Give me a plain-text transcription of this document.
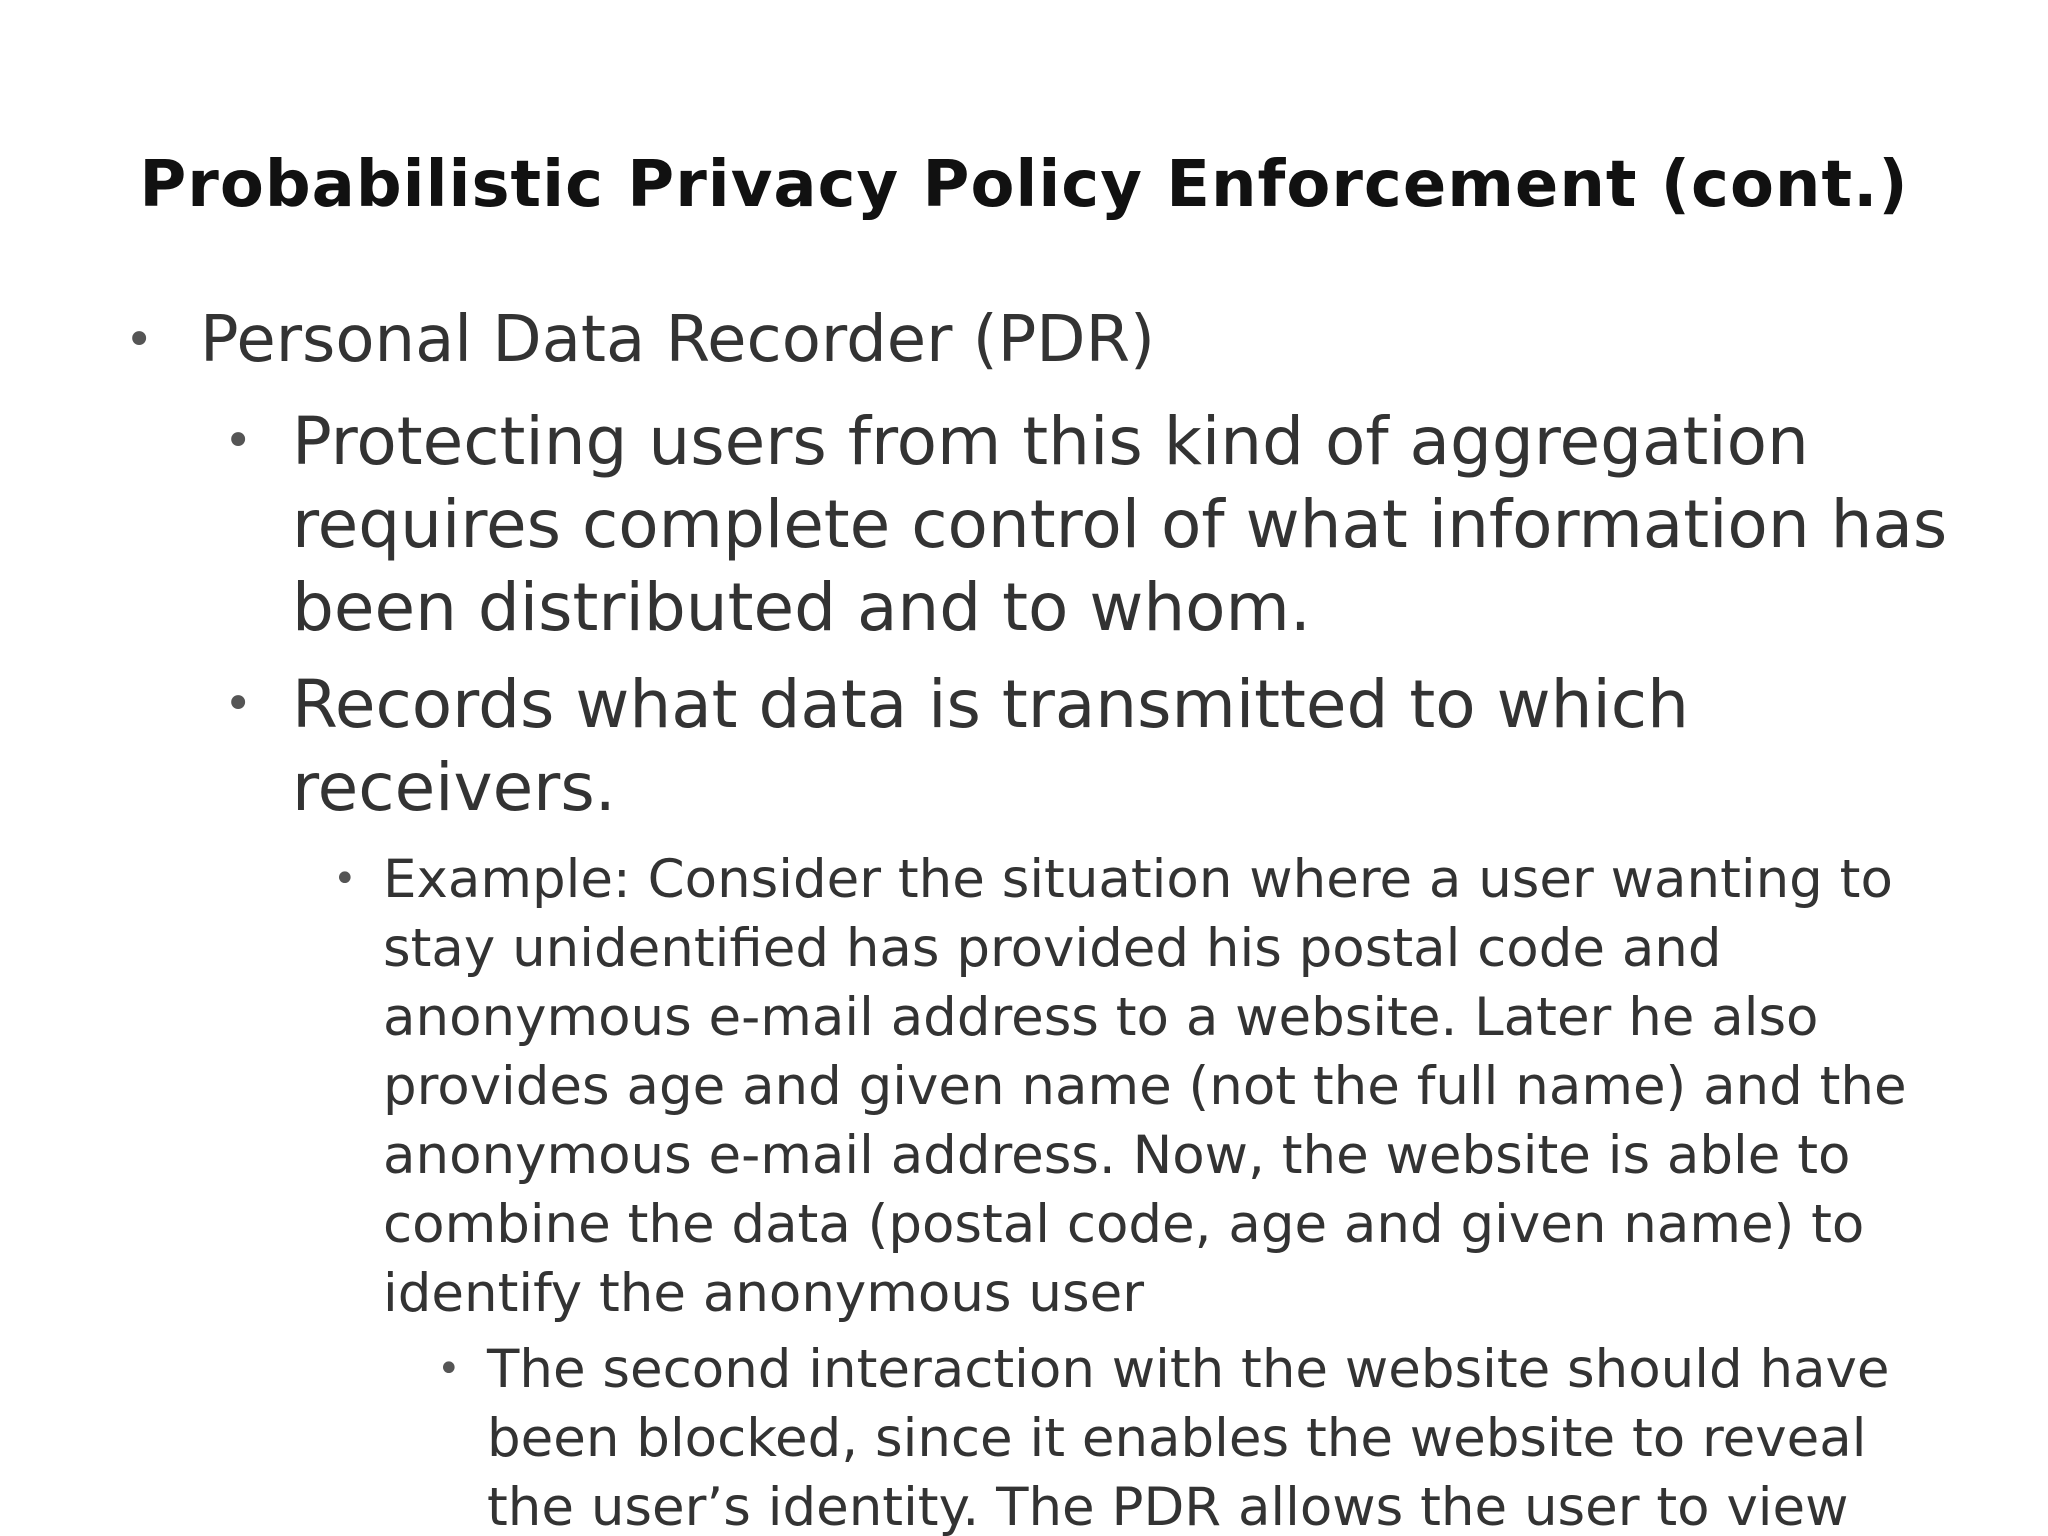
Probabilistic Privacy Policy Enforcement (cont.)
• Personal Data Recorder (PDR)
• Protecting users from this kind of aggregation
requires complete control of what information has
been distributed and to whom.
• Records what data is transmitted to which
receivers.
• Example: Consider the situation where a user wanting to
stay unidentified has provided his postal code and
anonymous e-mail address to a website. Later he also
provides age and given name (not the full name) and the
anonymous e-mail address. Now, the website is able to
combine the data (postal code, age and given name) to
identify the anonymous user
• The second interaction with the website should have
been blocked, since it enables the website to reveal
the user’s identity. The PDR allows the user to view
